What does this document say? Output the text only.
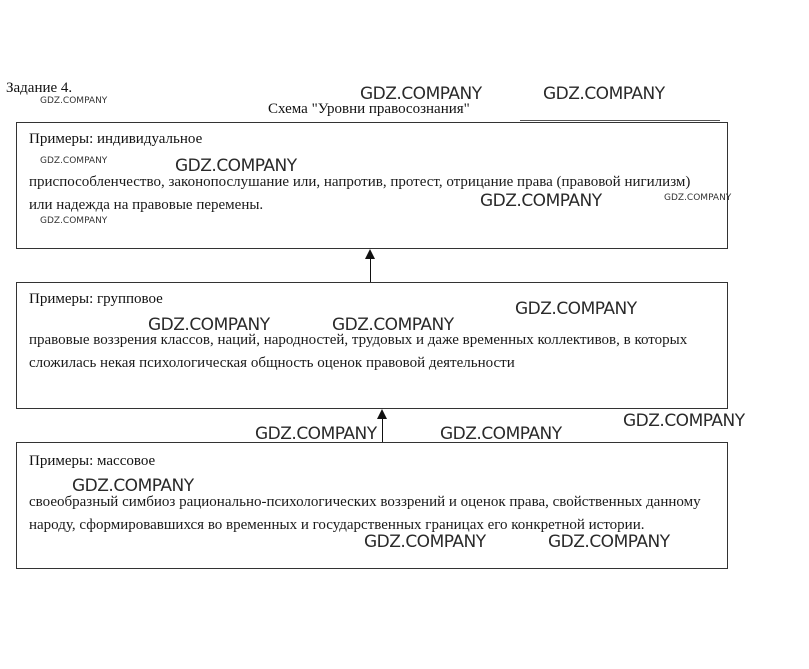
Задание 4.
Схема "Уровни правосознания"
Примеры: индивидуальное
приспособленчество, законопослушание или, напротив, протест, отрицание права (правовой нигилизм) или надежда на правовые перемены.
Примеры: групповое
правовые воззрения классов, наций, народностей, трудовых и даже временных коллективов, в которых сложилась некая психологическая общность оценок правовой деятельности
Примеры: массовое
своеобразный симбиоз рационально-психологических воззрений и оценок права, свойственных данному народу, сформировавшихся во временных и государственных границах его конкретной истории.
GDZ.COMPANY	GDZ.COMPANY
GDZ.COMPANY
GDZ.COMPANY	GDZ.COMPANY
GDZ.COMPANY	GDZ.COMPANY
GDZ.COMPANY
GDZ.COMPANY
GDZ.COMPANY	GDZ.COMPANY
GDZ.COMPANY
GDZ.COMPANY	GDZ.COMPANY
GDZ.COMPANY
GDZ.COMPANY	GDZ.COMPANY
